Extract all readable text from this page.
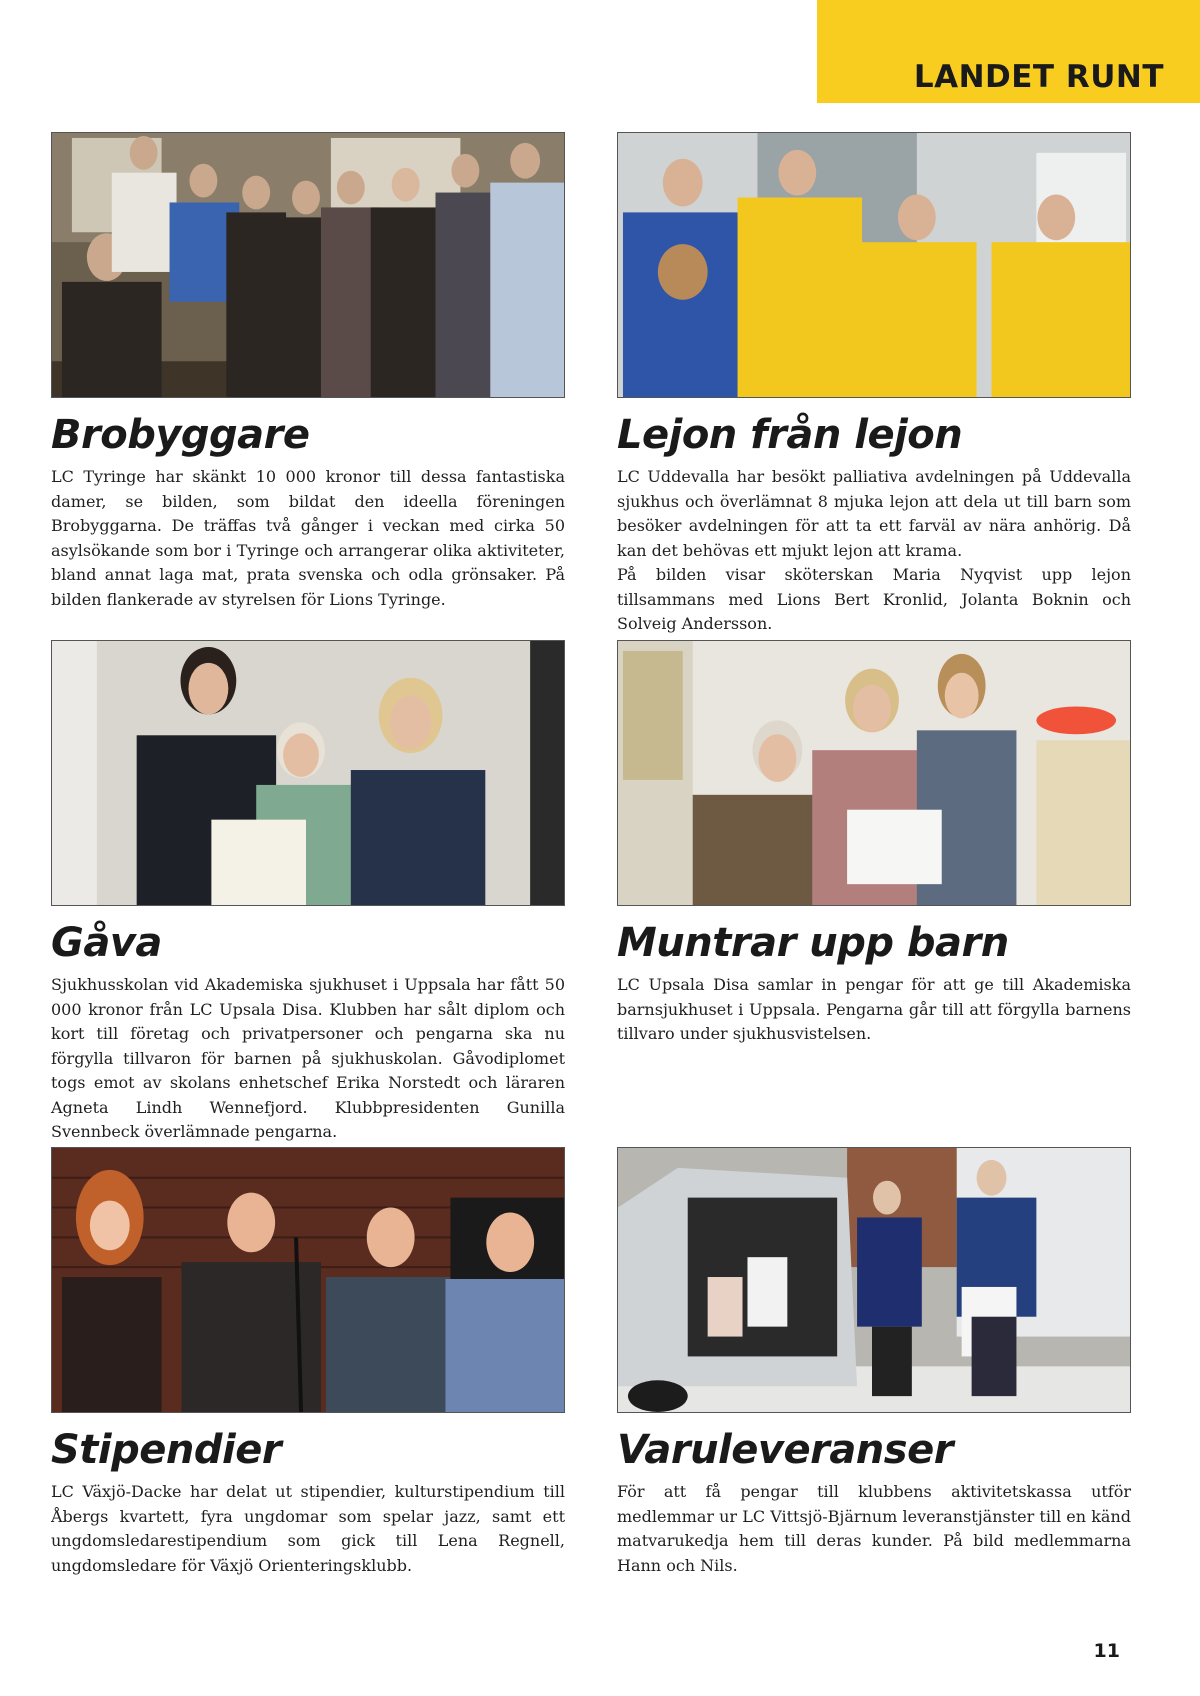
LANDET RUNT
Brobyggare

LC Tyringe har skänkt 10 000 kronor till dessa fantastiska damer, se bilden, som bildat den ideella föreningen Brobyggarna. De träffas två gånger i veckan med cirka 50 asylsökande som bor i Tyringe och arrangerar olika aktiviteter, bland annat laga mat, prata svenska och odla grönsaker. På bilden flankerade av styrelsen för Lions Tyringe.

Lejon från lejon

LC Uddevalla har besökt palliativa avdelningen på Uddevalla sjukhus och överlämnat 8 mjuka lejon att dela ut till barn som besöker avdelningen för att ta ett farväl av nära anhörig. Då kan det behövas ett mjukt lejon att krama.
På bilden visar sköterskan Maria Nyqvist upp lejon tillsammans med Lions Bert Kronlid, Jolanta Boknin och Solveig Andersson.

Gåva

Sjukhusskolan vid Akademiska sjukhuset i Uppsala har fått 50 000 kronor från LC Upsala Disa. Klubben har sålt diplom och kort till företag och privatpersoner och pengarna ska nu förgylla tillvaron för barnen på sjukhuskolan. Gåvodiplomet togs emot av skolans enhetschef Erika Norstedt och läraren Agneta Lindh Wennefjord. Klubbpresidenten Gunilla Svennbeck överlämnade pengarna.

Muntrar upp barn

LC Upsala Disa samlar in pengar för att ge till Akademiska barnsjukhuset i Uppsala. Pengarna går till att förgylla barnens tillvaro under sjukhusvistelsen.

Stipendier

LC Växjö-Dacke har delat ut stipendier, kulturstipendium till Åbergs kvartett, fyra ungdomar som spelar jazz, samt ett ungdomsledarestipendium som gick till Lena Regnell, ungdomsledare för Växjö Orienteringsklubb.

Varuleveranser

För att få pengar till klubbens aktivitetskassa utför medlemmar ur LC Vittsjö-Bjärnum leveranstjänster till en känd matvarukedja hem till deras kunder. På bild medlemmarna Hann och Nils.

11
